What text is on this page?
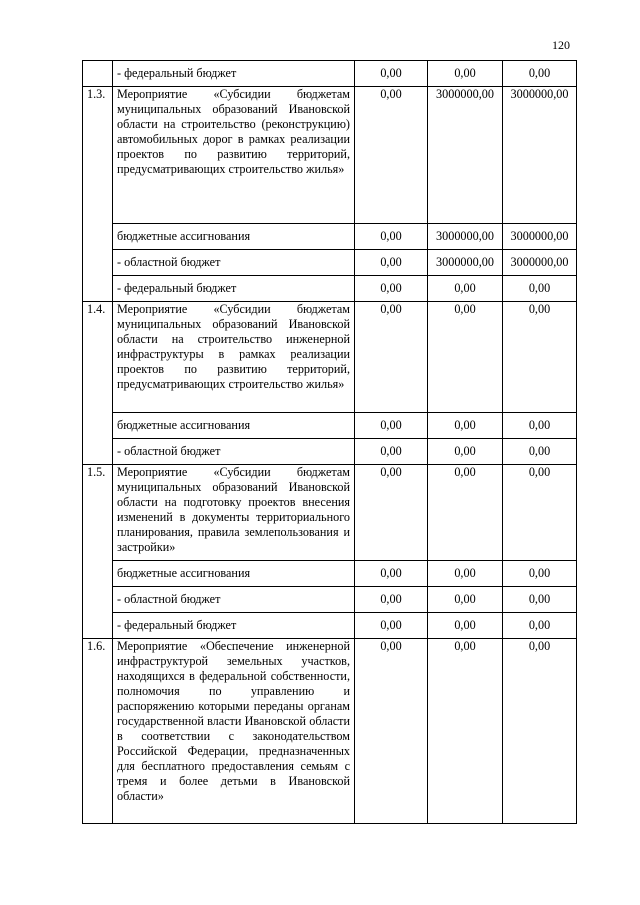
120
	- федеральный бюджет	0,00	0,00	0,00
1.3.	Мероприятие «Субсидии бюджетам муниципальных образований Ивановской области на строительство (реконструкцию) автомобильных дорог в рамках реализации проектов по развитию территорий, предусматривающих строительство жилья»	0,00	3000000,00	3000000,00
	бюджетные ассигнования	0,00	3000000,00	3000000,00
	- областной бюджет	0,00	3000000,00	3000000,00
	- федеральный бюджет	0,00	0,00	0,00
1.4.	Мероприятие «Субсидии бюджетам муниципальных образований Ивановской области на строительство инженерной инфраструктуры в рамках реализации проектов по развитию территорий, предусматривающих строительство жилья»	0,00	0,00	0,00
	бюджетные ассигнования	0,00	0,00	0,00
	- областной бюджет	0,00	0,00	0,00
1.5.	Мероприятие «Субсидии бюджетам муниципальных образований Ивановской области на подготовку проектов внесения изменений в документы территориального планирования, правила землепользования и застройки»	0,00	0,00	0,00
	бюджетные ассигнования	0,00	0,00	0,00
	- областной бюджет	0,00	0,00	0,00
	- федеральный бюджет	0,00	0,00	0,00
1.6.	Мероприятие «Обеспечение инженерной инфраструктурой земельных участков, находящихся в федеральной собственности, полномочия по управлению и распоряжению которыми переданы органам государственной власти Ивановской области в соответствии с законодательством Российской Федерации, предназначенных для бесплатного предоставления семьям с тремя и более детьми в Ивановской области»	0,00	0,00	0,00
